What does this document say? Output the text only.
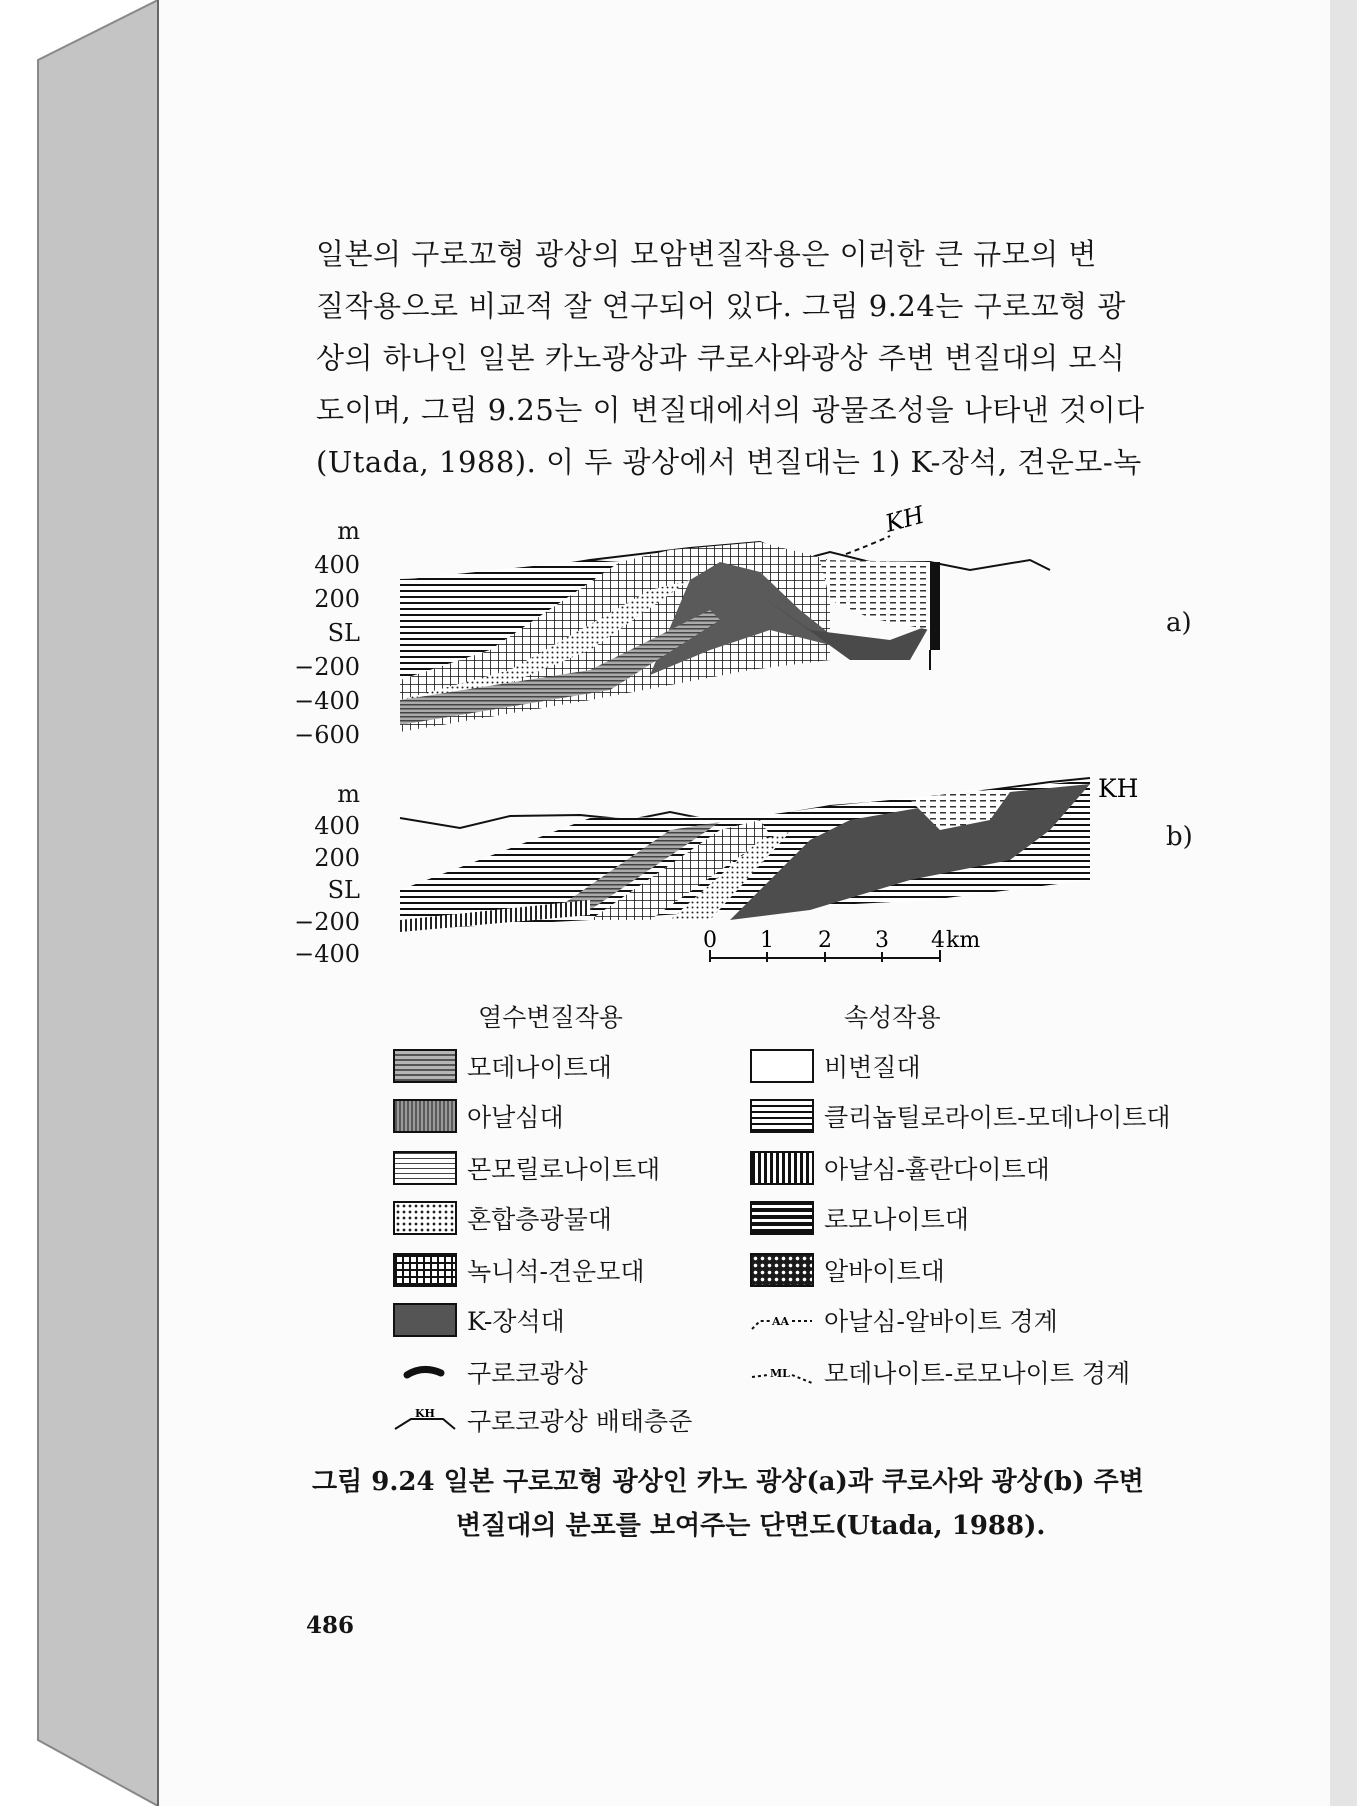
일본의 구로꼬형 광상의 모암변질작용은 이러한 큰 규모의 변
질작용으로 비교적 잘 연구되어 있다. 그림 9.24는 구로꼬형 광
상의 하나인 일본 카노광상과 쿠로사와광상 주변 변질대의 모식
도이며, 그림 9.25는 이 변질대에서의 광물조성을 나타낸 것이다
(Utada, 1988). 이 두 광상에서 변질대는 1) K-장석, 견운모-녹
m
400
200
SL
−200
−400
−600
m
400
200
SL
−200
−400
a)
b)
KH
KH
0 1 2 3 4 km
열수변질작용	속성작용
모데나이트대
아날심대
몬모릴로나이트대
혼합층광물대
녹니석-견운모대
K-장석대
구로코광상
KH 구로코광상 배태층준
비변질대
클리놉틸로라이트-모데나이트대
아날심-휼란다이트대
로모나이트대
알바이트대
AA 아날심-알바이트 경계
ML 모데나이트-로모나이트 경계
그림 9.24 일본 구로꼬형 광상인 카노 광상(a)과 쿠로사와 광상(b) 주변
변질대의 분포를 보여주는 단면도(Utada, 1988).
486
